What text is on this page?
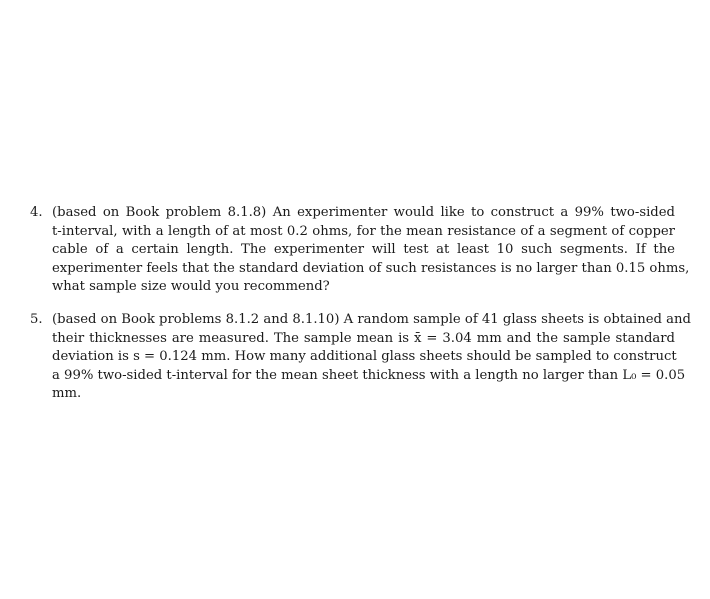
4. (based on Book problem 8.1.8) An experimenter would like to construct a 99% two-sided
t-interval, with a length of at most 0.2 ohms, for the mean resistance of a segment of copper
cable of a certain length. The experimenter will test at least 10 such segments. If the
experimenter feels that the standard deviation of such resistances is no larger than 0.15 ohms,
what sample size would you recommend?
5. (based on Book problems 8.1.2 and 8.1.10) A random sample of 41 glass sheets is obtained and
their thicknesses are measured. The sample mean is x̄ = 3.04 mm and the sample standard
deviation is s = 0.124 mm. How many additional glass sheets should be sampled to construct
a 99% two-sided t-interval for the mean sheet thickness with a length no larger than L₀ = 0.05
mm.
